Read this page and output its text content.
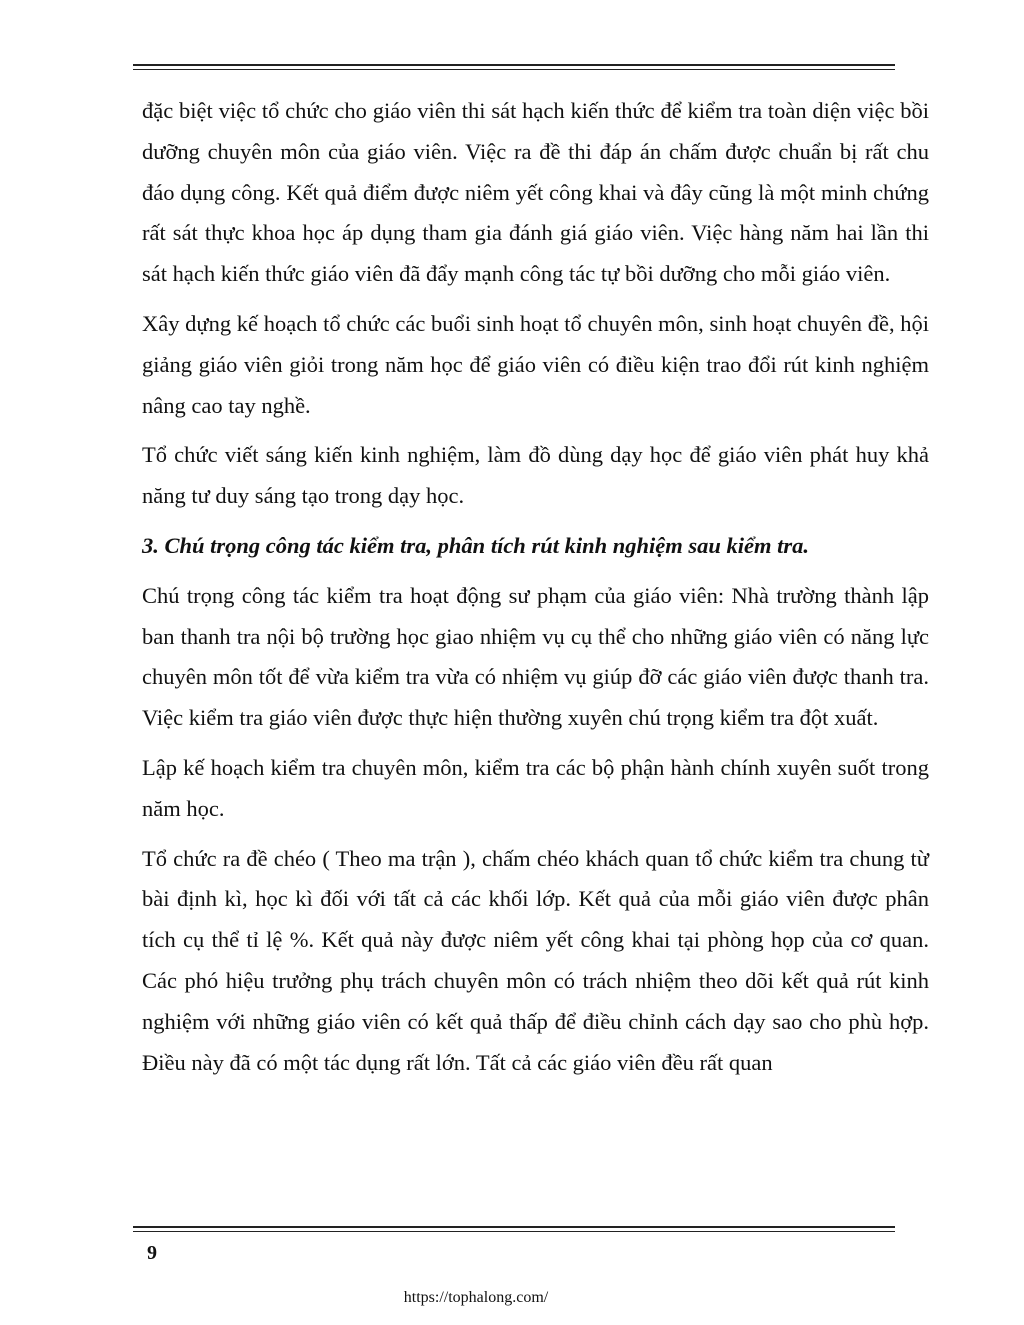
đặc biệt việc tổ chức cho giáo viên thi sát hạch kiến thức để kiểm tra toàn diện việc bồi dưỡng chuyên môn của giáo viên. Việc ra đề thi đáp án chấm được chuẩn bị rất chu đáo dụng công. Kết quả điểm được niêm yết công khai và đây cũng là một minh chứng rất sát thực khoa học áp dụng tham gia đánh giá giáo viên. Việc hàng năm hai lần thi sát hạch kiến thức giáo viên đã đẩy mạnh công tác tự bồi dưỡng cho mỗi giáo viên.

Xây dựng kế hoạch tổ chức các buổi sinh hoạt tổ chuyên môn, sinh hoạt chuyên đề, hội giảng giáo viên giỏi trong năm học để giáo viên có điều kiện trao đổi rút kinh nghiệm nâng cao tay nghề.

Tổ chức viết sáng kiến kinh nghiệm, làm đồ dùng dạy học để giáo viên phát huy khả năng tư duy sáng tạo trong dạy học.

3. Chú trọng công tác kiểm tra, phân tích rút kinh nghiệm sau kiểm tra.

Chú trọng công tác kiểm tra hoạt động sư phạm của giáo viên: Nhà trường thành lập ban thanh tra nội bộ trường học giao nhiệm vụ cụ thể cho những giáo viên có năng lực chuyên môn tốt để vừa kiểm tra vừa có nhiệm vụ giúp đỡ các giáo viên được thanh tra. Việc kiểm tra giáo viên được thực hiện thường xuyên chú trọng kiểm tra đột xuất.

Lập kế hoạch kiểm tra chuyên môn, kiểm tra các bộ phận hành chính xuyên suốt trong năm học.

Tổ chức ra đề chéo ( Theo ma trận ), chấm chéo khách quan tổ chức kiểm tra chung từ bài định kì, học kì đối với tất cả các khối lớp. Kết quả của mỗi giáo viên được phân tích cụ thể tỉ lệ %. Kết quả này được niêm yết công khai tại phòng họp của cơ quan. Các phó hiệu trưởng phụ trách chuyên môn có trách nhiệm theo dõi kết quả rút kinh nghiệm với những giáo viên có kết quả thấp để điều chỉnh cách dạy sao cho phù hợp. Điều này đã có một tác dụng rất lớn. Tất cả các giáo viên đều rất quan

9
https://tophalong.com/
